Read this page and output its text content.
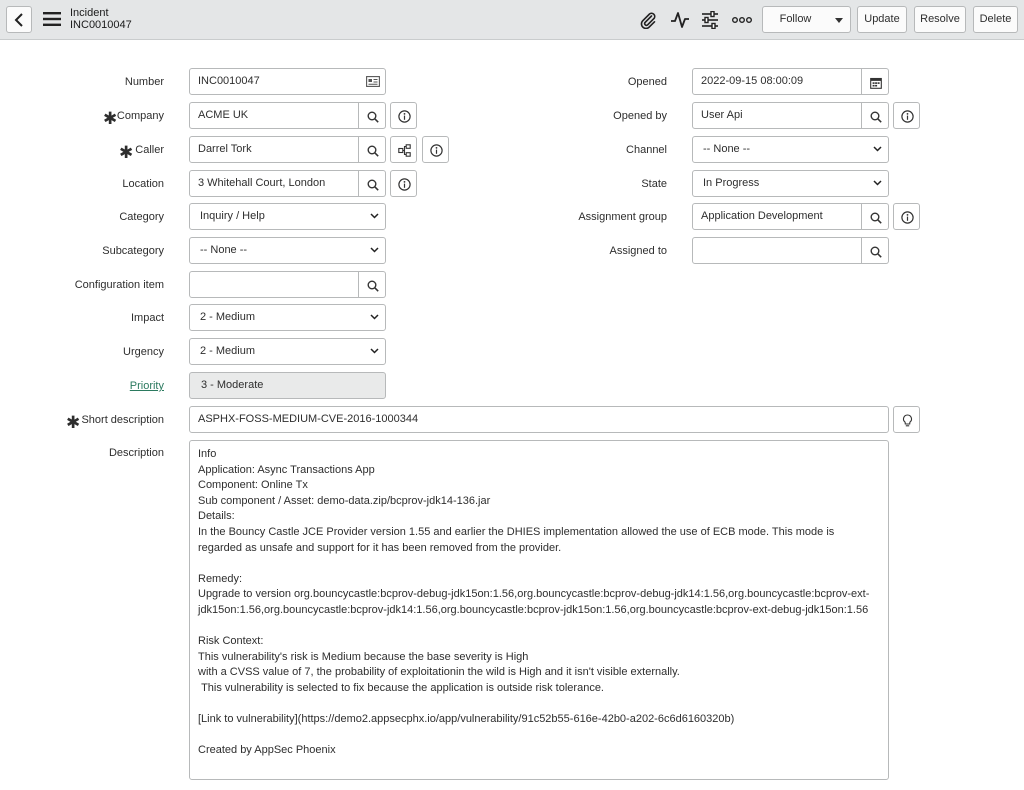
Incident
INC0010047	Follow	Update	Resolve	Delete
Number	INC0010047
✱ Company	ACME UK
✱ Caller	Darrel Tork
Location	3 Whitehall Court, London
Category	Inquiry / Help
Subcategory	-- None --
Configuration item
Impact	2 - Medium
Urgency	2 - Medium
Priority	3 - Moderate
✱ Short description	ASPHX-FOSS-MEDIUM-CVE-2016-1000344
Description	Info
Application: Async Transactions App
Component: Online Tx
Sub component / Asset: demo-data.zip/bcprov-jdk14-136.jar
Details:
In the Bouncy Castle JCE Provider version 1.55 and earlier the DHIES implementation allowed the use of ECB mode. This mode is regarded as unsafe and support for it has been removed from the provider.

Remedy:
Upgrade to version org.bouncycastle:bcprov-debug-jdk15on:1.56,org.bouncycastle:bcprov-debug-jdk14:1.56,org.bouncycastle:bcprov-ext-jdk15on:1.56,org.bouncycastle:bcprov-jdk14:1.56,org.bouncycastle:bcprov-jdk15on:1.56,org.bouncycastle:bcprov-ext-debug-jdk15on:1.56

Risk Context:
This vulnerability's risk is Medium because the base severity is High
with a CVSS value of 7, the probability of exploitationin the wild is High and it isn't visible externally.
This vulnerability is selected to fix because the application is outside risk tolerance.

[Link to vulnerability](https://demo2.appsecphx.io/app/vulnerability/91c52b55-616e-42b0-a202-6c6d6160320b)

Created by AppSec Phoenix
Opened	2022-09-15 08:00:09
Opened by	User Api
Channel	-- None --
State	In Progress
Assignment group	Application Development
Assigned to
